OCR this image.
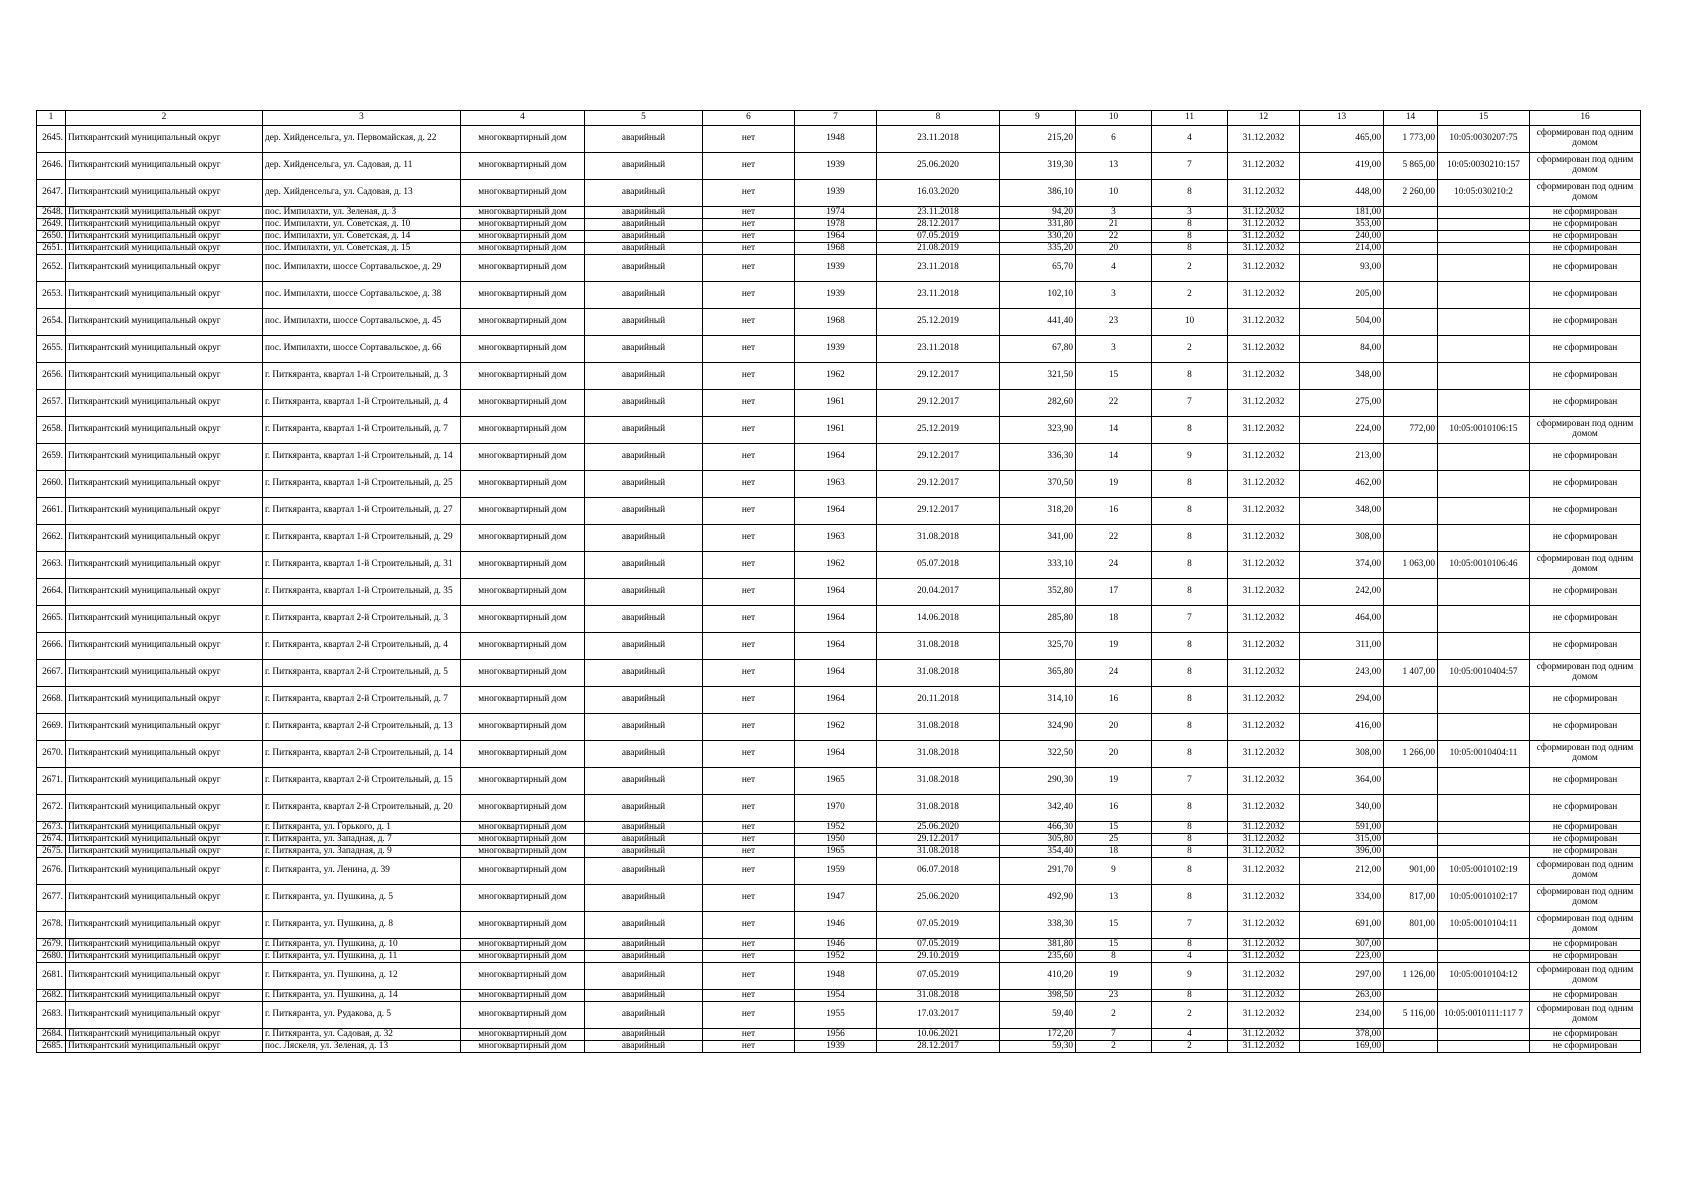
1	2	3	4	5	6	7	8	9	10	11	12	13	14	15	16
2645.	Питкярантский муниципальный округ	дер. Хийденсельга, ул. Первомайская, д. 22	многоквартирный дом	аварийный	нет	1948	23.11.2018	215,20	6	4	31.12.2032	465,00	1 773,00	10:05:0030207:75	сформирован под одним домом
2646.	Питкярантский муниципальный округ	дер. Хийденсельга, ул. Садовая, д. 11	многоквартирный дом	аварийный	нет	1939	25.06.2020	319,30	13	7	31.12.2032	419,00	5 865,00	10:05:0030210:157	сформирован под одним домом
2647.	Питкярантский муниципальный округ	дер. Хийденсельга, ул. Садовая, д. 13	многоквартирный дом	аварийный	нет	1939	16.03.2020	386,10	10	8	31.12.2032	448,00	2 260,00	10:05:030210:2	сформирован под одним домом
2648.	Питкярантский муниципальный округ	пос. Импилахти, ул. Зеленая, д. 3	многоквартирный дом	аварийный	нет	1974	23.11.2018	94,20	3	3	31.12.2032	181,00			не сформирован
2649.	Питкярантский муниципальный округ	пос. Импилахти, ул. Советская, д. 10	многоквартирный дом	аварийный	нет	1978	28.12.2017	331,80	21	8	31.12.2032	353,00			не сформирован
2650.	Питкярантский муниципальный округ	пос. Импилахти, ул. Советская, д. 14	многоквартирный дом	аварийный	нет	1964	07.05.2019	330,20	22	8	31.12.2032	240,00			не сформирован
2651.	Питкярантский муниципальный округ	пос. Импилахти, ул. Советская, д. 15	многоквартирный дом	аварийный	нет	1968	21.08.2019	335,20	20	8	31.12.2032	214,00			не сформирован
2652.	Питкярантский муниципальный округ	пос. Импилахти, шоссе Сортавальское, д. 29	многоквартирный дом	аварийный	нет	1939	23.11.2018	65,70	4	2	31.12.2032	93,00			не сформирован
2653.	Питкярантский муниципальный округ	пос. Импилахти, шоссе Сортавальское, д. 38	многоквартирный дом	аварийный	нет	1939	23.11.2018	102,10	3	2	31.12.2032	205,00			не сформирован
2654.	Питкярантский муниципальный округ	пос. Импилахти, шоссе Сортавальское, д. 45	многоквартирный дом	аварийный	нет	1968	25.12.2019	441,40	23	10	31.12.2032	504,00			не сформирован
2655.	Питкярантский муниципальный округ	пос. Импилахти, шоссе Сортавальское, д. 66	многоквартирный дом	аварийный	нет	1939	23.11.2018	67,80	3	2	31.12.2032	84,00			не сформирован
2656.	Питкярантский муниципальный округ	г. Питкяранта, квартал 1-й Строительный, д. 3	многоквартирный дом	аварийный	нет	1962	29.12.2017	321,50	15	8	31.12.2032	348,00			не сформирован
2657.	Питкярантский муниципальный округ	г. Питкяранта, квартал 1-й Строительный, д. 4	многоквартирный дом	аварийный	нет	1961	29.12.2017	282,60	22	7	31.12.2032	275,00			не сформирован
2658.	Питкярантский муниципальный округ	г. Питкяранта, квартал 1-й Строительный, д. 7	многоквартирный дом	аварийный	нет	1961	25.12.2019	323,90	14	8	31.12.2032	224,00	772,00	10:05:0010106:15	сформирован под одним домом
2659.	Питкярантский муниципальный округ	г. Питкяранта, квартал 1-й Строительный, д. 14	многоквартирный дом	аварийный	нет	1964	29.12.2017	336,30	14	9	31.12.2032	213,00			не сформирован
2660.	Питкярантский муниципальный округ	г. Питкяранта, квартал 1-й Строительный, д. 25	многоквартирный дом	аварийный	нет	1963	29.12.2017	370,50	19	8	31.12.2032	462,00			не сформирован
2661.	Питкярантский муниципальный округ	г. Питкяранта, квартал 1-й Строительный, д. 27	многоквартирный дом	аварийный	нет	1964	29.12.2017	318,20	16	8	31.12.2032	348,00			не сформирован
2662.	Питкярантский муниципальный округ	г. Питкяранта, квартал 1-й Строительный, д. 29	многоквартирный дом	аварийный	нет	1963	31.08.2018	341,00	22	8	31.12.2032	308,00			не сформирован
2663.	Питкярантский муниципальный округ	г. Питкяранта, квартал 1-й Строительный, д. 31	многоквартирный дом	аварийный	нет	1962	05.07.2018	333,10	24	8	31.12.2032	374,00	1 063,00	10:05:0010106:46	сформирован под одним домом
2664.	Питкярантский муниципальный округ	г. Питкяранта, квартал 1-й Строительный, д. 35	многоквартирный дом	аварийный	нет	1964	20.04.2017	352,80	17	8	31.12.2032	242,00			не сформирован
2665.	Питкярантский муниципальный округ	г. Питкяранта, квартал 2-й Строительный, д. 3	многоквартирный дом	аварийный	нет	1964	14.06.2018	285,80	18	7	31.12.2032	464,00			не сформирован
2666.	Питкярантский муниципальный округ	г. Питкяранта, квартал 2-й Строительный, д. 4	многоквартирный дом	аварийный	нет	1964	31.08.2018	325,70	19	8	31.12.2032	311,00			не сформирован
2667.	Питкярантский муниципальный округ	г. Питкяранта, квартал 2-й Строительный, д. 5	многоквартирный дом	аварийный	нет	1964	31.08.2018	365,80	24	8	31.12.2032	243,00	1 407,00	10:05:0010404:57	сформирован под одним домом
2668.	Питкярантский муниципальный округ	г. Питкяранта, квартал 2-й Строительный, д. 7	многоквартирный дом	аварийный	нет	1964	20.11.2018	314,10	16	8	31.12.2032	294,00			не сформирован
2669.	Питкярантский муниципальный округ	г. Питкяранта, квартал 2-й Строительный, д. 13	многоквартирный дом	аварийный	нет	1962	31.08.2018	324,90	20	8	31.12.2032	416,00			не сформирован
2670.	Питкярантский муниципальный округ	г. Питкяранта, квартал 2-й Строительный, д. 14	многоквартирный дом	аварийный	нет	1964	31.08.2018	322,50	20	8	31.12.2032	308,00	1 266,00	10:05:0010404:11	сформирован под одним домом
2671.	Питкярантский муниципальный округ	г. Питкяранта, квартал 2-й Строительный, д. 15	многоквартирный дом	аварийный	нет	1965	31.08.2018	290,30	19	7	31.12.2032	364,00			не сформирован
2672.	Питкярантский муниципальный округ	г. Питкяранта, квартал 2-й Строительный, д. 20	многоквартирный дом	аварийный	нет	1970	31.08.2018	342,40	16	8	31.12.2032	340,00			не сформирован
2673.	Питкярантский муниципальный округ	г. Питкяранта, ул. Горького, д. 1	многоквартирный дом	аварийный	нет	1952	25.06.2020	466,30	15	8	31.12.2032	591,00			не сформирован
2674.	Питкярантский муниципальный округ	г. Питкяранта, ул. Западная, д. 7	многоквартирный дом	аварийный	нет	1950	29.12.2017	305,80	25	8	31.12.2032	315,00			не сформирован
2675.	Питкярантский муниципальный округ	г. Питкяранта, ул. Западная, д. 9	многоквартирный дом	аварийный	нет	1965	31.08.2018	354,40	18	8	31.12.2032	396,00			не сформирован
2676.	Питкярантский муниципальный округ	г. Питкяранта, ул. Ленина, д. 39	многоквартирный дом	аварийный	нет	1959	06.07.2018	291,70	9	8	31.12.2032	212,00	901,00	10:05:0010102:19	сформирован под одним домом
2677.	Питкярантский муниципальный округ	г. Питкяранта, ул. Пушкина, д. 5	многоквартирный дом	аварийный	нет	1947	25.06.2020	492,90	13	8	31.12.2032	334,00	817,00	10:05:0010102:17	сформирован под одним домом
2678.	Питкярантский муниципальный округ	г. Питкяранта, ул. Пушкина, д. 8	многоквартирный дом	аварийный	нет	1946	07.05.2019	338,30	15	7	31.12.2032	691,00	801,00	10:05:0010104:11	сформирован под одним домом
2679.	Питкярантский муниципальный округ	г. Питкяранта, ул. Пушкина, д. 10	многоквартирный дом	аварийный	нет	1946	07.05.2019	381,80	15	8	31.12.2032	307,00			не сформирован
2680.	Питкярантский муниципальный округ	г. Питкяранта, ул. Пушкина, д. 11	многоквартирный дом	аварийный	нет	1952	29.10.2019	235,60	8	4	31.12.2032	223,00			не сформирован
2681.	Питкярантский муниципальный округ	г. Питкяранта, ул. Пушкина, д. 12	многоквартирный дом	аварийный	нет	1948	07.05.2019	410,20	19	9	31.12.2032	297,00	1 126,00	10:05:0010104:12	сформирован под одним домом
2682.	Питкярантский муниципальный округ	г. Питкяранта, ул. Пушкина, д. 14	многоквартирный дом	аварийный	нет	1954	31.08.2018	398,50	23	8	31.12.2032	263,00			не сформирован
2683.	Питкярантский муниципальный округ	г. Питкяранта, ул. Рудакова, д. 5	многоквартирный дом	аварийный	нет	1955	17.03.2017	59,40	2	2	31.12.2032	234,00	5 116,00	10:05:0010111:117 7	сформирован под одним домом
2684.	Питкярантский муниципальный округ	г. Питкяранта, ул. Садовая, д. 32	многоквартирный дом	аварийный	нет	1956	10.06.2021	172,20	7	4	31.12.2032	378,00			не сформирован
2685.	Питкярантский муниципальный округ	пос. Ляскеля, ул. Зеленая, д. 13	многоквартирный дом	аварийный	нет	1939	28.12.2017	59,30	2	2	31.12.2032	169,00			не сформирован
